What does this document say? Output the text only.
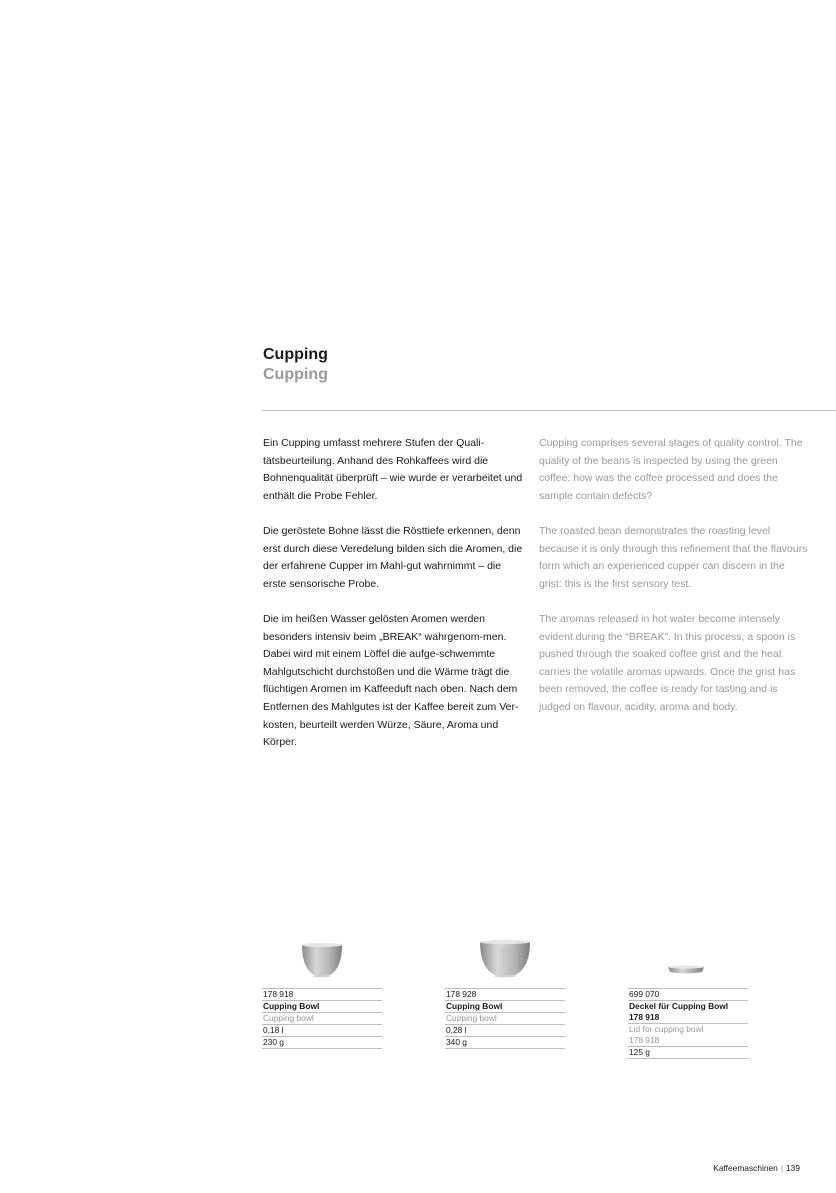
Cupping
Cupping

Ein Cupping umfasst mehrere Stufen der Quali-tätsbeurteilung. Anhand des Rohkaffees wird die Bohnenqualität überprüft – wie wurde er verarbeitet und enthält die Probe Fehler.

Die geröstete Bohne lässt die Rösttiefe erkennen, denn erst durch diese Veredelung bilden sich die Aromen, die der erfahrene Cupper im Mahl-gut wahrnimmt – die erste sensorische Probe.

Die im heißen Wasser gelösten Aromen werden besonders intensiv beim „BREAK“ wahrgenom-men. Dabei wird mit einem Löffel die aufge-schwemmte Mahlgutschicht durchstoßen und die Wärme trägt die flüchtigen Aromen im Kaffeeduft nach oben. Nach dem Entfernen des Mahlgutes ist der Kaffee bereit zum Ver-kosten, beurteilt werden Würze, Säure, Aroma und Körper.

Cupping comprises several stages of quality control. The quality of the beans is inspected by using the green coffee: how was the coffee processed and does the sample contain defects?

The roasted bean demonstrates the roasting level because it is only through this refinement that the flavours form which an experienced cupper can discern in the grist: this is the first sensory test.

The aromas released in hot water become intensely evident during the “BREAK”. In this process, a spoon is pushed through the soaked coffee grist and the heat carries the volatile aromas upwards. Once the grist has been removed, the coffee is ready for tasting and is judged on flavour, acidity, aroma and body.

178 918
Cupping Bowl
Cupping bowl
0,18 l
230 g
178 928
Cupping Bowl
Cupping bowl
0,28 l
340 g
699 070
Deckel für Cupping Bowl
178 918
Lid for cupping bowl
178 918
125 g
Kaffeemaschinen | 139
